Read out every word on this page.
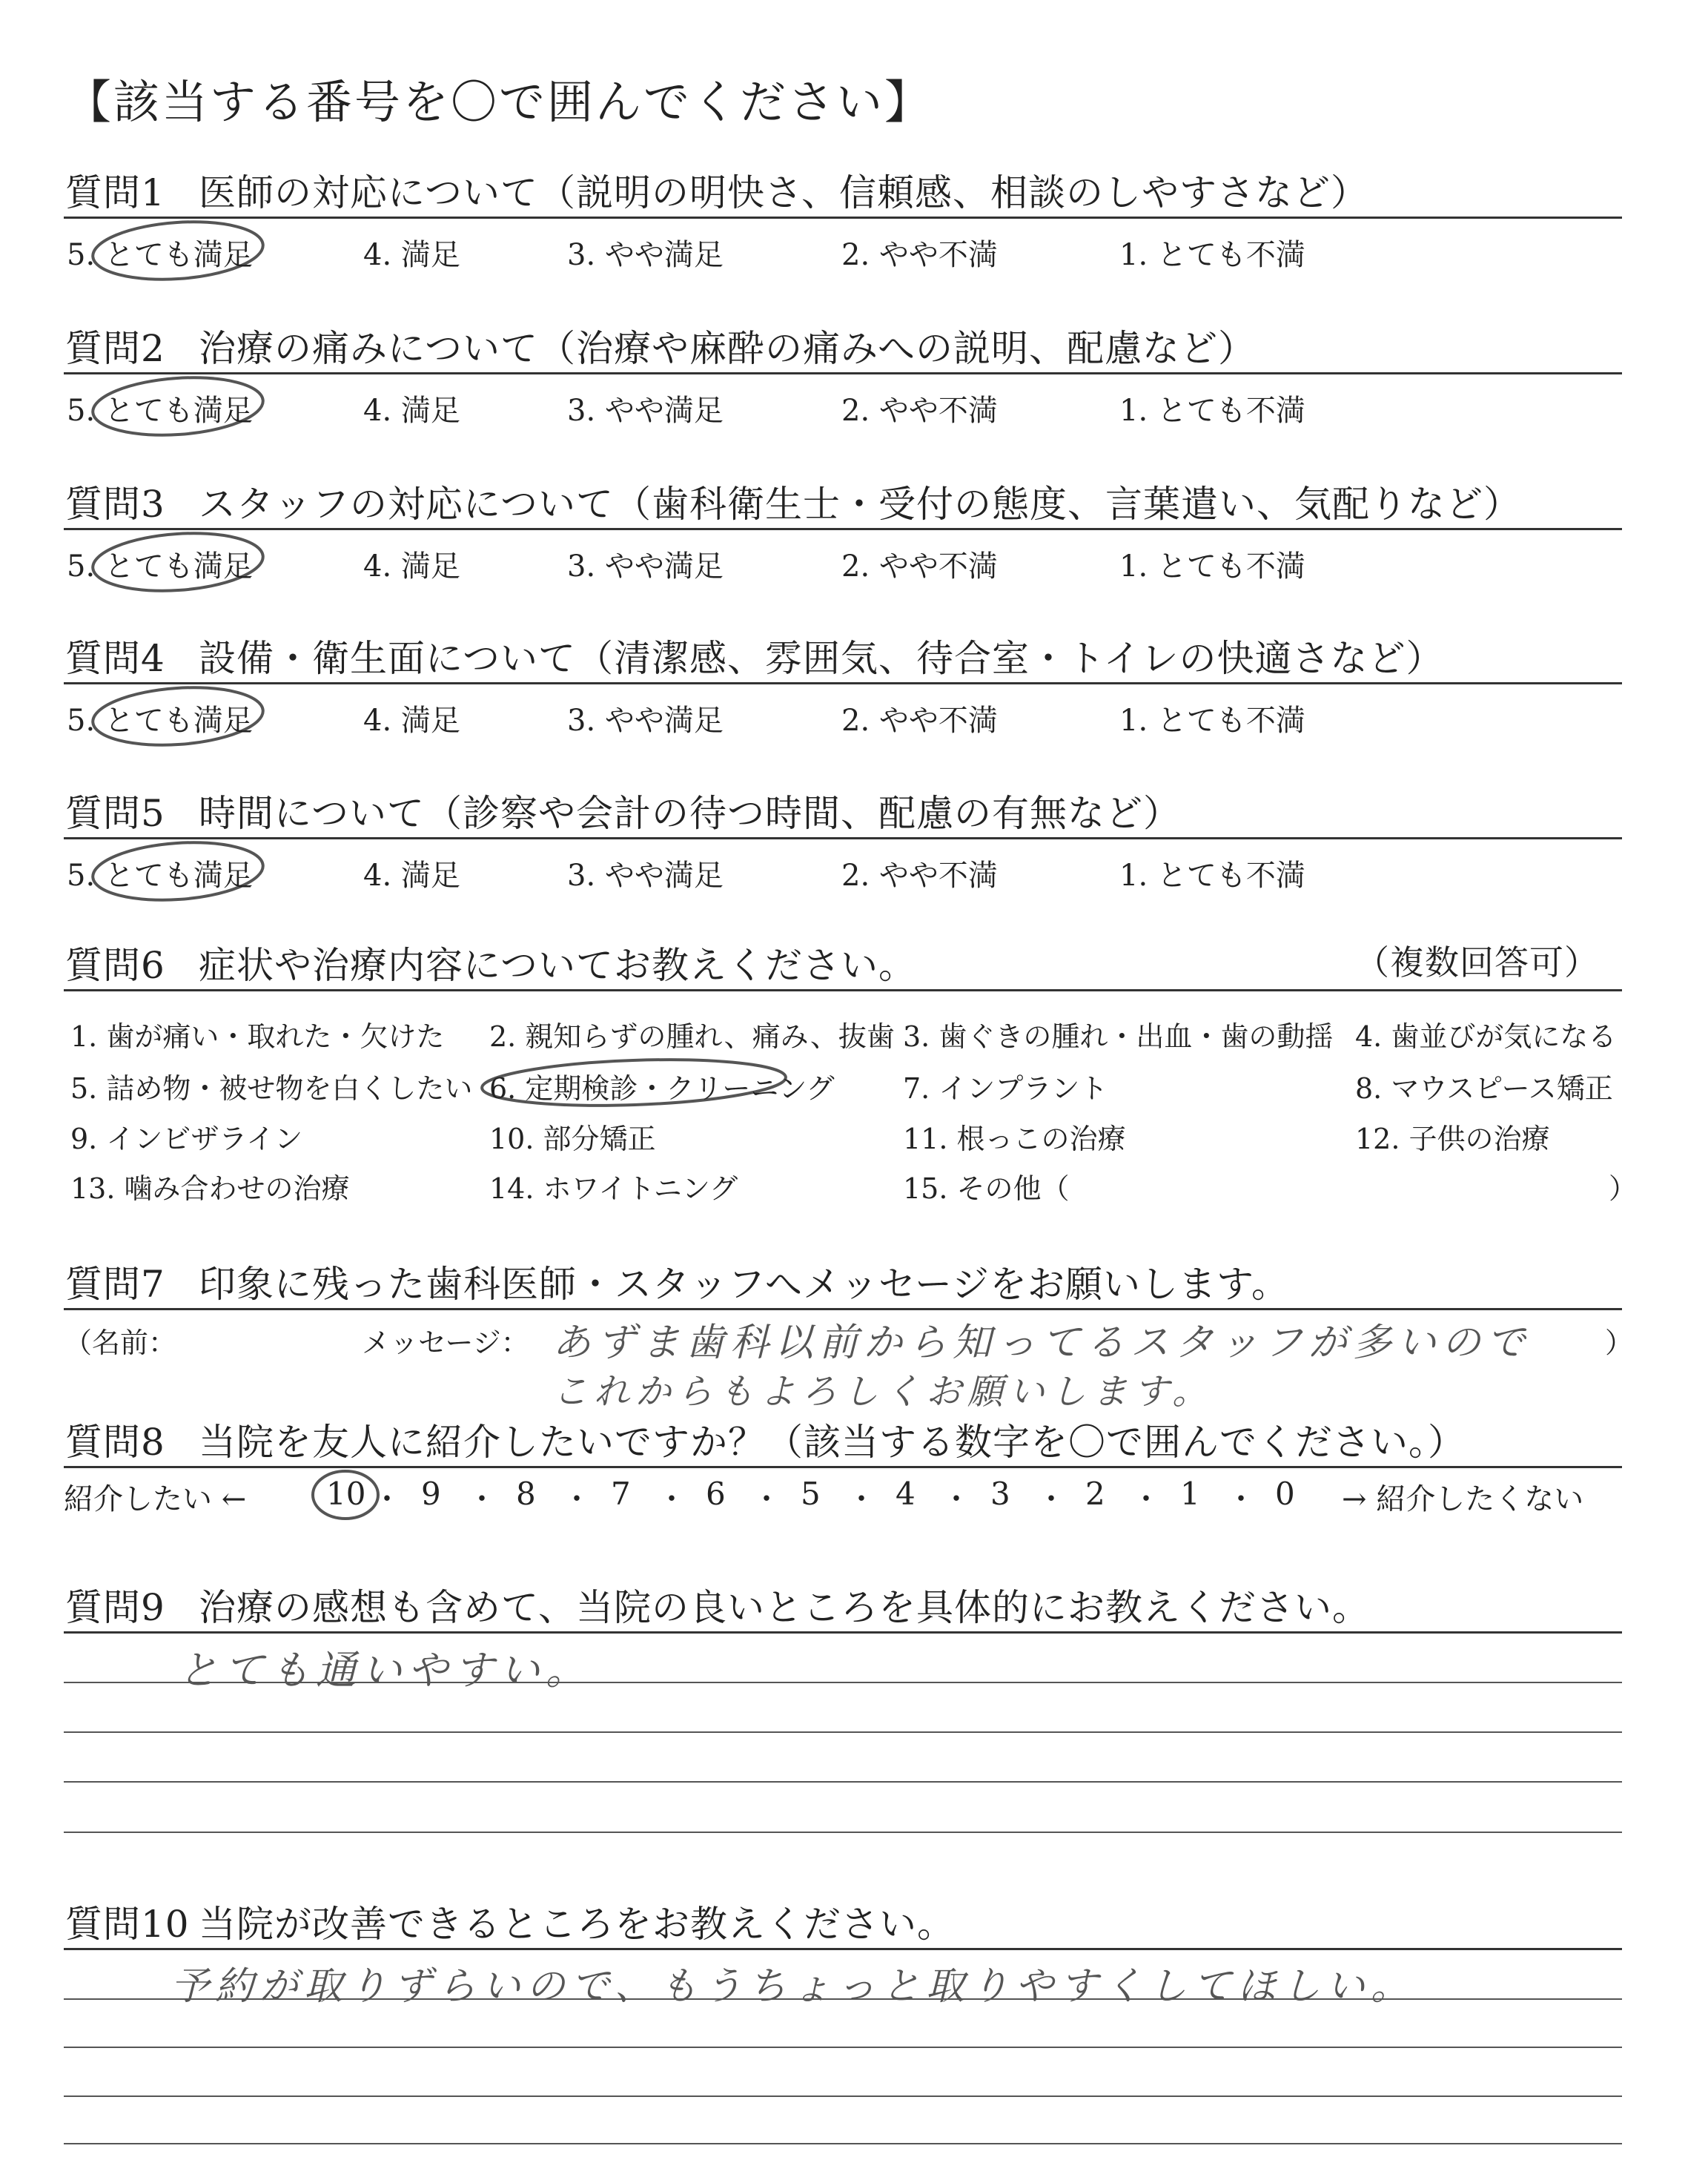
【該当する番号を〇で囲んでください】
質問1 医師の対応について（説明の明快さ、信頼感、相談のしやすさなど）
5. とても満足	4. 満足	3. やや満足	2. やや不満	1. とても不満
質問2 治療の痛みについて（治療や麻酔の痛みへの説明、配慮など）
5. とても満足	4. 満足	3. やや満足	2. やや不満	1. とても不満
質問3 スタッフの対応について（歯科衛生士・受付の態度、言葉遣い、気配りなど）
5. とても満足	4. 満足	3. やや満足	2. やや不満	1. とても不満
質問4 設備・衛生面について（清潔感、雰囲気、待合室・トイレの快適さなど）
5. とても満足	4. 満足	3. やや満足	2. やや不満	1. とても不満
質問5 時間について（診察や会計の待つ時間、配慮の有無など）
5. とても満足	4. 満足	3. やや満足	2. やや不満	1. とても不満
質問6 症状や治療内容についてお教えください。	（複数回答可）
1. 歯が痛い・取れた・欠けた 2. 親知らずの腫れ、痛み、抜歯 3. 歯ぐきの腫れ・出血・歯の動揺 4. 歯並びが気になる
5. 詰め物・被せ物を白くしたい 6. 定期検診・クリーニング 7. インプラント	8. マウスピース矯正
9. インビザライン	10. 部分矯正	11. 根っこの治療	12. 子供の治療
13. 噛み合わせの治療	14. ホワイトニング	15. その他（	）
質問7 印象に残った歯科医師・スタッフへメッセージをお願いします。
（名前：	メッセージ：	）
あずま歯科以前から知ってるスタッフが多いので
これからもよろしくお願いします。
質問8 当院を友人に紹介したいですか？（該当する数字を〇で囲んでください。）
紹介したい ←	→ 紹介したくない
10 ・ 9 ・ 8 ・ 7 ・ 6 ・ 5 ・ 4 ・ 3 ・ 2 ・ 1 ・ 0
質問9 治療の感想も含めて、当院の良いところを具体的にお教えください。
とても通いやすい。
質問10 当院が改善できるところをお教えください。
予約が取りずらいので、もうちょっと取りやすくしてほしい。
